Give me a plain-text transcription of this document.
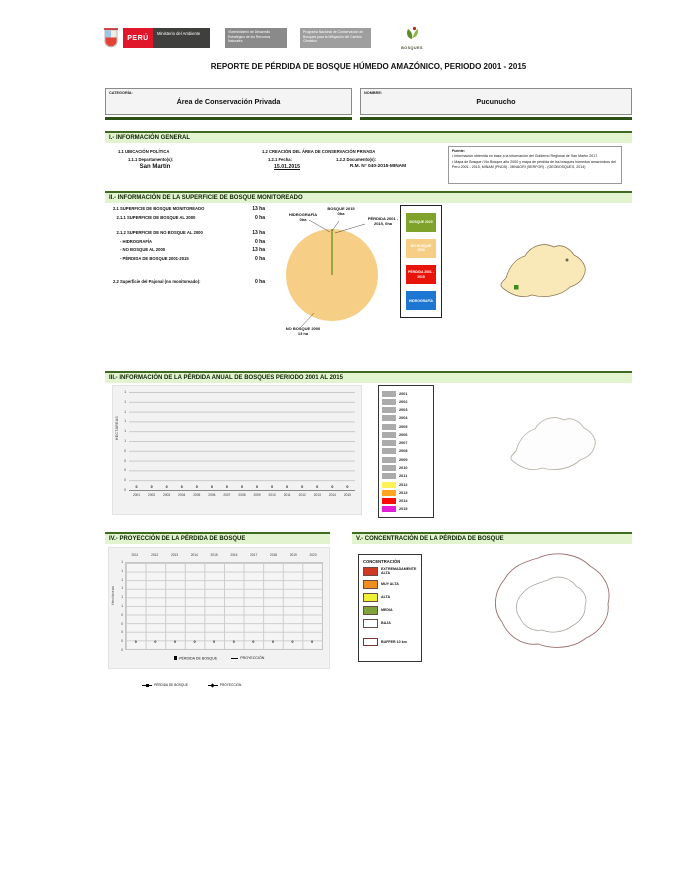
PERÚ
Ministerio del Ambiente	Viceministerio de Desarrollo Estratégico de los Recursos Naturales
Programa Nacional de Conservación de Bosques para la Mitigación del Cambio Climático
BOSQUES
REPORTE DE PÉRDIDA DE BOSQUE HÚMEDO AMAZÓNICO, PERIODO 2001 - 2015
CATEGORÍA:
Área de Conservación Privada
NOMBRE:
Pucunucho
I.- INFORMACIÓN GENERAL
1.1 UBICACIÓN POLÍTICA
1.1.1 Departamento(s):
San Martín
1.2 CREACIÓN DEL ÁREA DE CONSERVACIÓN PRIVADA
1.2.1 Fecha:
15.01.2015
1.2.2 Documento(s):
R.M. N° 040-2015-MINAM
Fuente:
• Información obtenida en base a la información del Gobierno Regional de San Martín 2017.
• Mapa de Bosque / No Bosque año 2000 y mapa de pérdida de los bosques húmedos amazónicos del Perú 2001 - 2015, MINAM (PNCB) - MINAGRI (SERFOR) - (GEOBOSQUES, 2014)
II.- INFORMACIÓN DE LA SUPERFICIE DE BOSQUE MONITOREADO
2.1 SUPERFICIE DE BOSQUE MONITOREADO	13 ha
2.1.1 SUPERFICIE DE BOSQUE AL 2000	0 ha
2.1.2 SUPERFICIE DE NO BOSQUE AL 2000	13 ha
- HIDROGRAFÍA	0 ha
- NO BOSQUE AL 2000	13 ha
- PÉRDIDA DE BOSQUE 2001-2015	0 ha
2.2 Superficie del Pajonal (no monitoreado):	0 ha
BOSQUE 2015
0ha
HIDROGRAFÍA
0ha	PÉRDIDA 2001 -
2015, 0ha
NO BOSQUE 2000
13 ha
BOSQUE 2015
NO BOSQUE 2000
PÉRDIDA 2001 - 2015
HIDROGRAFÍA
III.- INFORMACIÓN DE LA PÉRDIDA ANUAL DE BOSQUES PERIODO 2001 AL 2015
HECTÁREAS
1
1
1
1
1
1
0
0
0
0
0
0	0	0	0	0	0	0	0	0	0	0	0	0	0	0
2001	2002	2003	2004	2005	2006	2007	2008	2009	2010	2011	2012	2013	2014	2015
2001
2002
2003
2004
2005
2006
2007
2008
2009
2010
2011
2012
2013
2014
2015
IV.- PROYECCIÓN DE LA PÉRDIDA DE BOSQUE
Hectáreas
2011	2012	2013	2014	2015	2016	2017	2018	2019	2020
1
1
1
1
1
1
0
0
0
0
0
0	0	0	0	0	0	0	0	0	0
PÉRDIDA DE BOSQUE	PROYECCIÓN
PÉRDIDA DE BOSQUE	PROYECCIÓN
V.- CONCENTRACIÓN DE LA PÉRDIDA DE BOSQUE
CONCENTRACIÓN
EXTREMADAMENTE ALTA
MUY ALTA
ALTA
MEDIA
BAJA
BUFFER 10 km
